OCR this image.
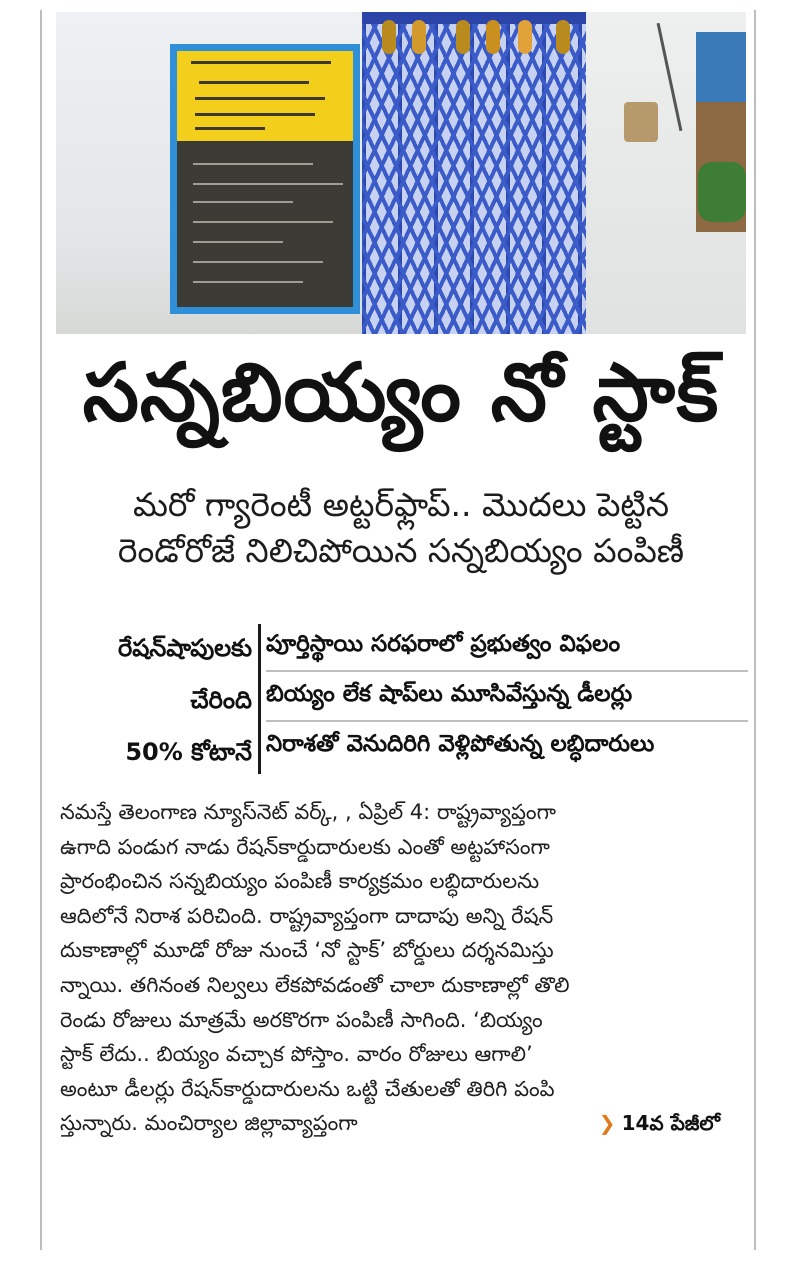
సన్నబియ్యం నో స్టాక్
మరో గ్యారెంటీ అట్టర్‌ఫ్లాప్.. మొదలు పెట్టిన
రెండోరోజే నిలిచిపోయిన సన్నబియ్యం పంపిణీ
రేషన్‌షాపులకు
చేరింది
50% కోటానే
పూర్తిస్థాయి సరఫరాలో ప్రభుత్వం విఫలం
బియ్యం లేక షాప్‌లు మూసివేస్తున్న డీలర్లు
నిరాశతో వెనుదిరిగి వెళ్లిపోతున్న లబ్ధిదారులు
నమస్తే తెలంగాణ న్యూస్‌నెట్ వర్క్, , ఏప్రిల్ 4: రాష్ట్రవ్యాప్తంగా
ఉగాది పండుగ నాడు రేషన్‌కార్డుదారులకు ఎంతో అట్టహాసంగా
ప్రారంభించిన సన్నబియ్యం పంపిణీ కార్యక్రమం లబ్ధిదారులను
ఆదిలోనే నిరాశ పరిచింది. రాష్ట్రవ్యాప్తంగా దాదాపు అన్ని రేషన్
దుకాణాల్లో మూడో రోజు నుంచే ‘నో స్టాక్’ బోర్డులు దర్శనమిస్తు
న్నాయి. తగినంత నిల్వలు లేకపోవడంతో చాలా దుకాణాల్లో తొలి
రెండు రోజులు మాత్రమే అరకొరగా పంపిణీ సాగింది. ‘బియ్యం
స్టాక్ లేదు.. బియ్యం వచ్చాక పోస్తాం. వారం రోజులు ఆగాలి’
అంటూ డీలర్లు రేషన్‌కార్డుదారులను ఒట్టి చేతులతో తిరిగి పంపి
స్తున్నారు. మంచిర్యాల జిల్లావ్యాప్తంగా	❯ 14వ పేజీలో
